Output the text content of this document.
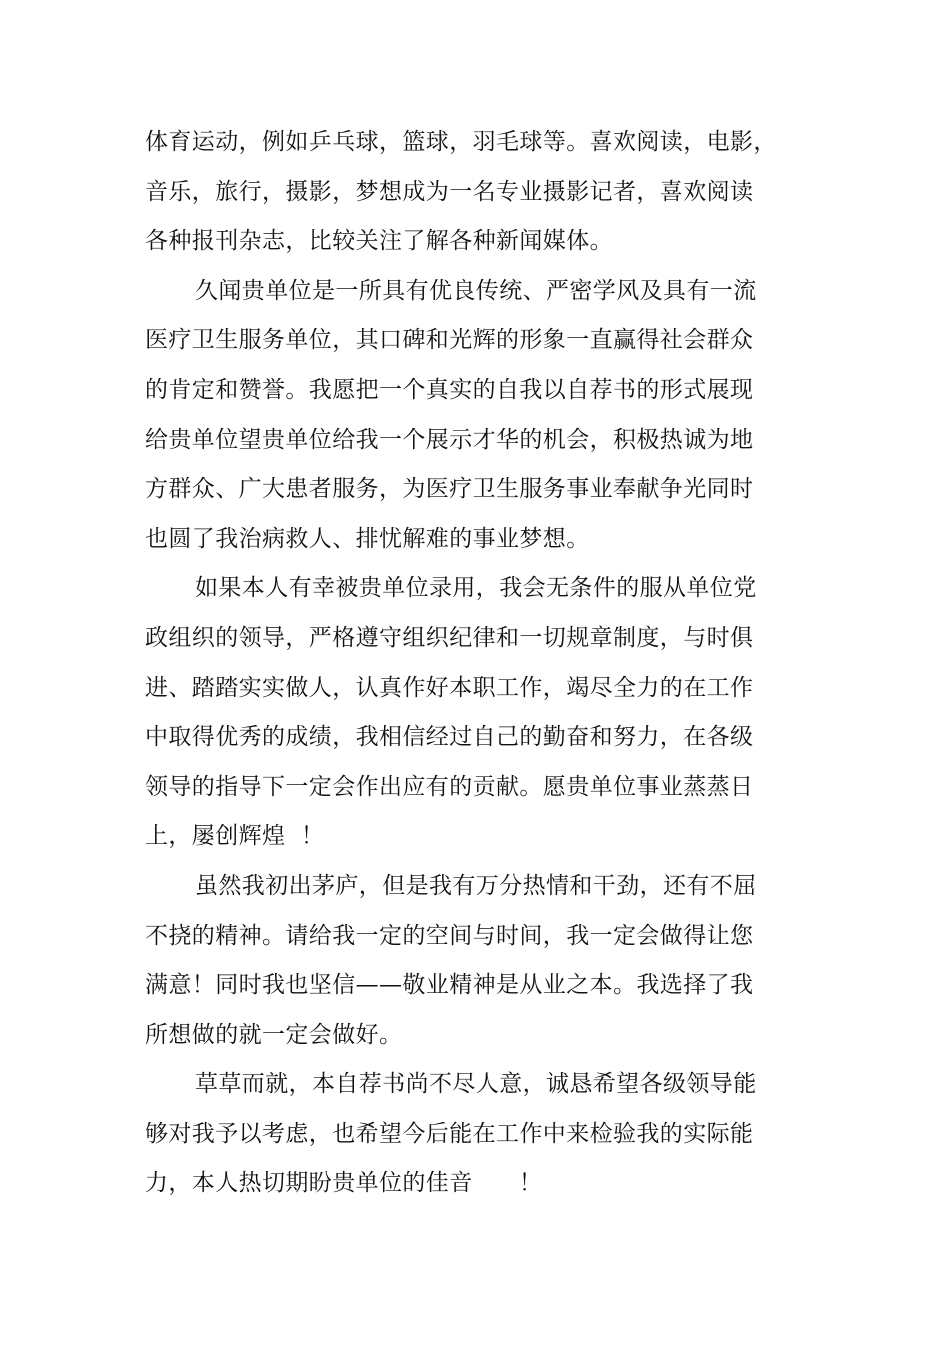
体育运动，例如乒乓球，篮球，羽毛球等。喜欢阅读，电影，
音乐，旅行，摄影，梦想成为一名专业摄影记者，喜欢阅读
各种报刊杂志，比较关注了解各种新闻媒体。
久闻贵单位是一所具有优良传统、严密学风及具有一流
医疗卫生服务单位，其口碑和光辉的形象一直赢得社会群众
的肯定和赞誉。我愿把一个真实的自我以自荐书的形式展现
给贵单位望贵单位给我一个展示才华的机会，积极热诚为地
方群众、广大患者服务，为医疗卫生服务事业奉献争光同时
也圆了我治病救人、排忧解难的事业梦想。
如果本人有幸被贵单位录用，我会无条件的服从单位党
政组织的领导，严格遵守组织纪律和一切规章制度，与时俱
进、踏踏实实做人，认真作好本职工作，竭尽全力的在工作
中取得优秀的成绩，我相信经过自己的勤奋和努力，在各级
领导的指导下一定会作出应有的贡献。愿贵单位事业蒸蒸日
上，屡创辉煌  ！
虽然我初出茅庐，但是我有万分热情和干劲，还有不屈
不挠的精神。请给我一定的空间与时间，我一定会做得让您
满意！同时我也坚信——敬业精神是从业之本。我选择了我
所想做的就一定会做好。
草草而就，本自荐书尚不尽人意，诚恳希望各级领导能
够对我予以考虑，也希望今后能在工作中来检验我的实际能
力，本人热切期盼贵单位的佳音      ！
